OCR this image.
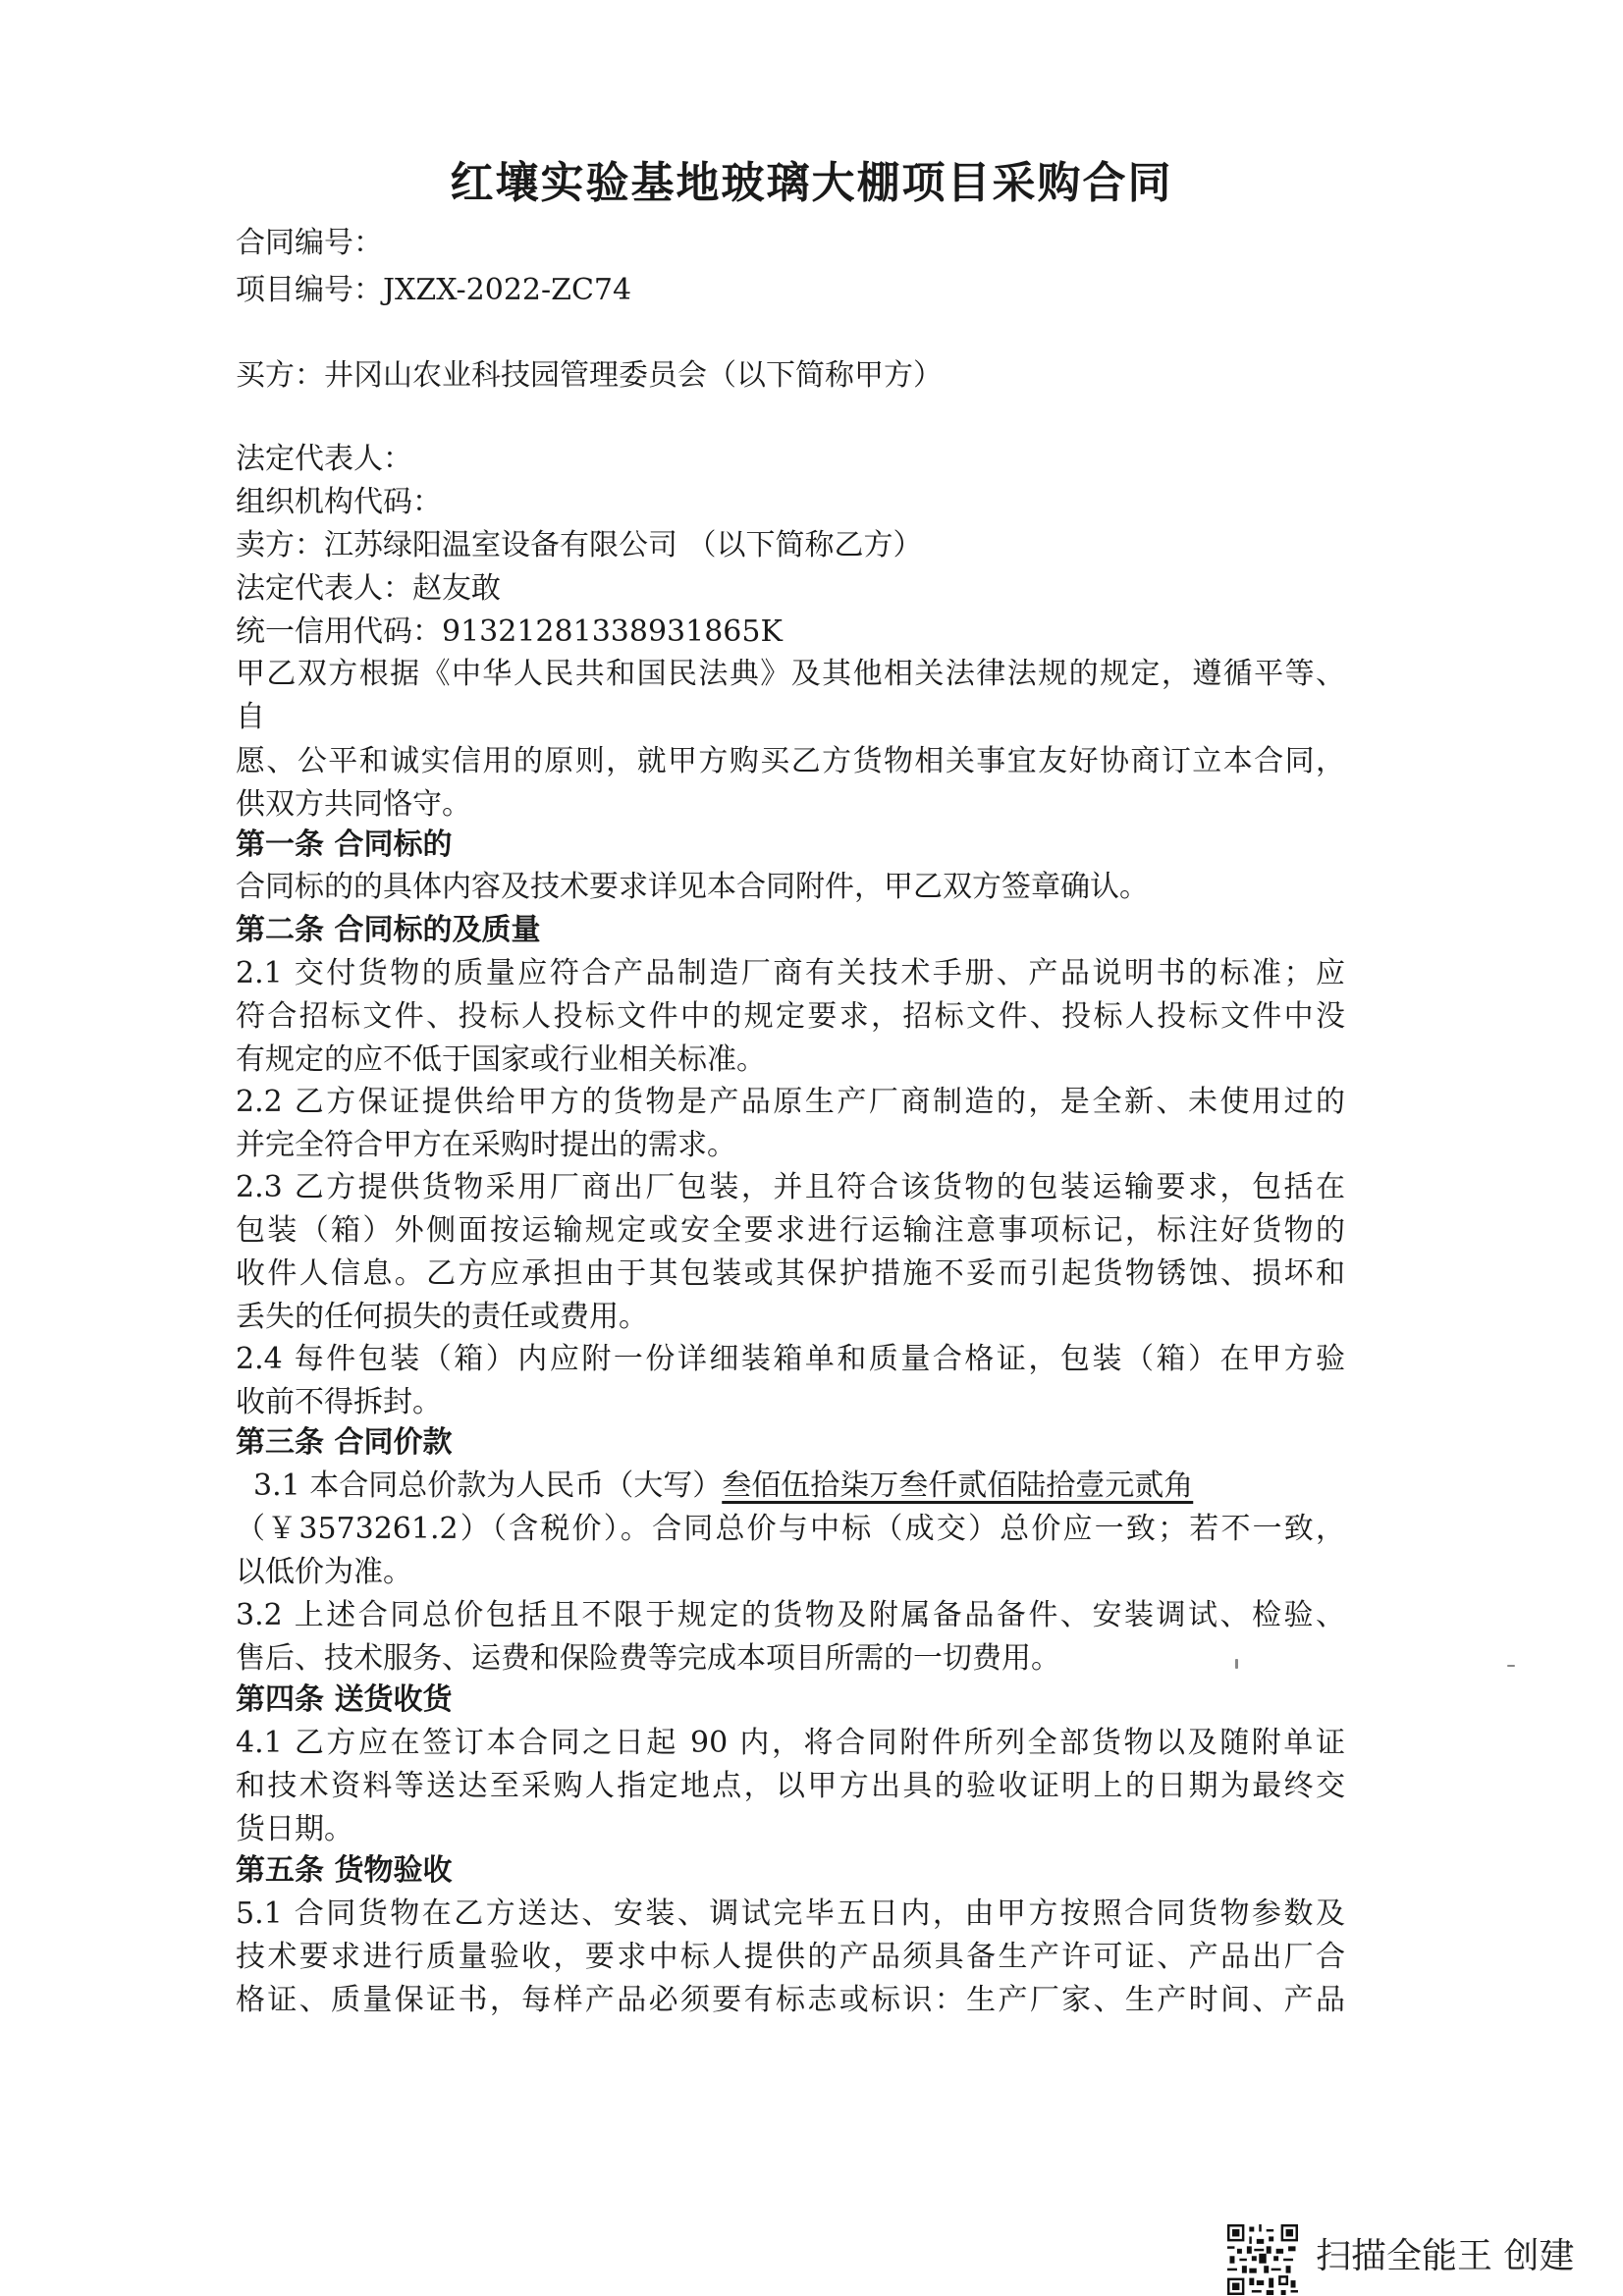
红壤实验基地玻璃大棚项目采购合同
合同编号：
项目编号：JXZX-2022-ZC74
买方：井冈山农业科技园管理委员会（以下简称甲方）
法定代表人：
组织机构代码：
卖方：江苏绿阳温室设备有限公司 （以下简称乙方）
法定代表人：赵友敢
统一信用代码：91321281338931865K
甲乙双方根据《中华人民共和国民法典》及其他相关法律法规的规定，遵循平等、
自
愿、公平和诚实信用的原则，就甲方购买乙方货物相关事宜友好协商订立本合同，
供双方共同恪守。
第一条 合同标的
合同标的的具体内容及技术要求详见本合同附件，甲乙双方签章确认。
第二条 合同标的及质量
2.1 交付货物的质量应符合产品制造厂商有关技术手册、产品说明书的标准；应
符合招标文件、投标人投标文件中的规定要求，招标文件、投标人投标文件中没
有规定的应不低于国家或行业相关标准。
2.2 乙方保证提供给甲方的货物是产品原生产厂商制造的，是全新、未使用过的
并完全符合甲方在采购时提出的需求。
2.3 乙方提供货物采用厂商出厂包装，并且符合该货物的包装运输要求，包括在
包装（箱）外侧面按运输规定或安全要求进行运输注意事项标记，标注好货物的
收件人信息。乙方应承担由于其包装或其保护措施不妥而引起货物锈蚀、损坏和
丢失的任何损失的责任或费用。
2.4 每件包装（箱）内应附一份详细装箱单和质量合格证，包装（箱）在甲方验
收前不得拆封。
第三条 合同价款
3.1 本合同总价款为人民币（大写）叁佰伍拾柒万叁仟贰佰陆拾壹元贰角
（￥3573261.2）（含税价）。合同总价与中标（成交）总价应一致；若不一致，
以低价为准。
3.2 上述合同总价包括且不限于规定的货物及附属备品备件、安装调试、检验、
售后、技术服务、运费和保险费等完成本项目所需的一切费用。
第四条 送货收货
4.1 乙方应在签订本合同之日起 90 内，将合同附件所列全部货物以及随附单证
和技术资料等送达至采购人指定地点，以甲方出具的验收证明上的日期为最终交
货日期。
第五条 货物验收
5.1 合同货物在乙方送达、安装、调试完毕五日内，由甲方按照合同货物参数及
技术要求进行质量验收，要求中标人提供的产品须具备生产许可证、产品出厂合
格证、质量保证书，每样产品必须要有标志或标识：生产厂家、生产时间、产品
扫描全能王 创建
